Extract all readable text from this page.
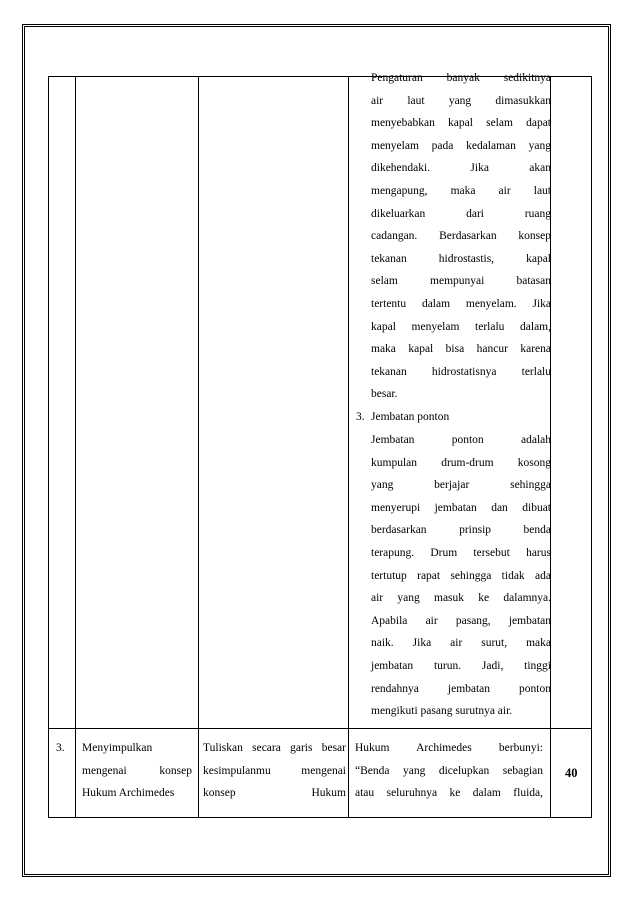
Pengaturan banyak sedikitnya
air laut yang dimasukkan
menyebabkan kapal selam dapat
menyelam pada kedalaman yang
dikehendaki. Jika akan
mengapung, maka air laut
dikeluarkan dari ruang
cadangan. Berdasarkan konsep
tekanan hidrostastis, kapal
selam mempunyai batasan
tertentu dalam menyelam. Jika
kapal menyelam terlalu dalam,
maka kapal bisa hancur karena
tekanan hidrostatisnya terlalu
besar.
3. Jembatan ponton
Jembatan ponton adalah
kumpulan drum-drum kosong
yang berjajar sehingga
menyerupi jembatan dan dibuat
berdasarkan prinsip benda
terapung. Drum tersebut harus
tertutup rapat sehingga tidak ada
air yang masuk ke dalamnya.
Apabila air pasang, jembatan
naik. Jika air surut, maka
jembatan turun. Jadi, tinggi
rendahnya jembatan ponton
mengikuti pasang surutnya air.
3. Menyimpulkan
mengenai konsep
Hukum Archimedes
Tuliskan secara garis besar
kesimpulanmu mengenai
konsep Hukum
Hukum Archimedes berbunyi:
“Benda yang dicelupkan sebagian
atau seluruhnya ke dalam fluida,
40
